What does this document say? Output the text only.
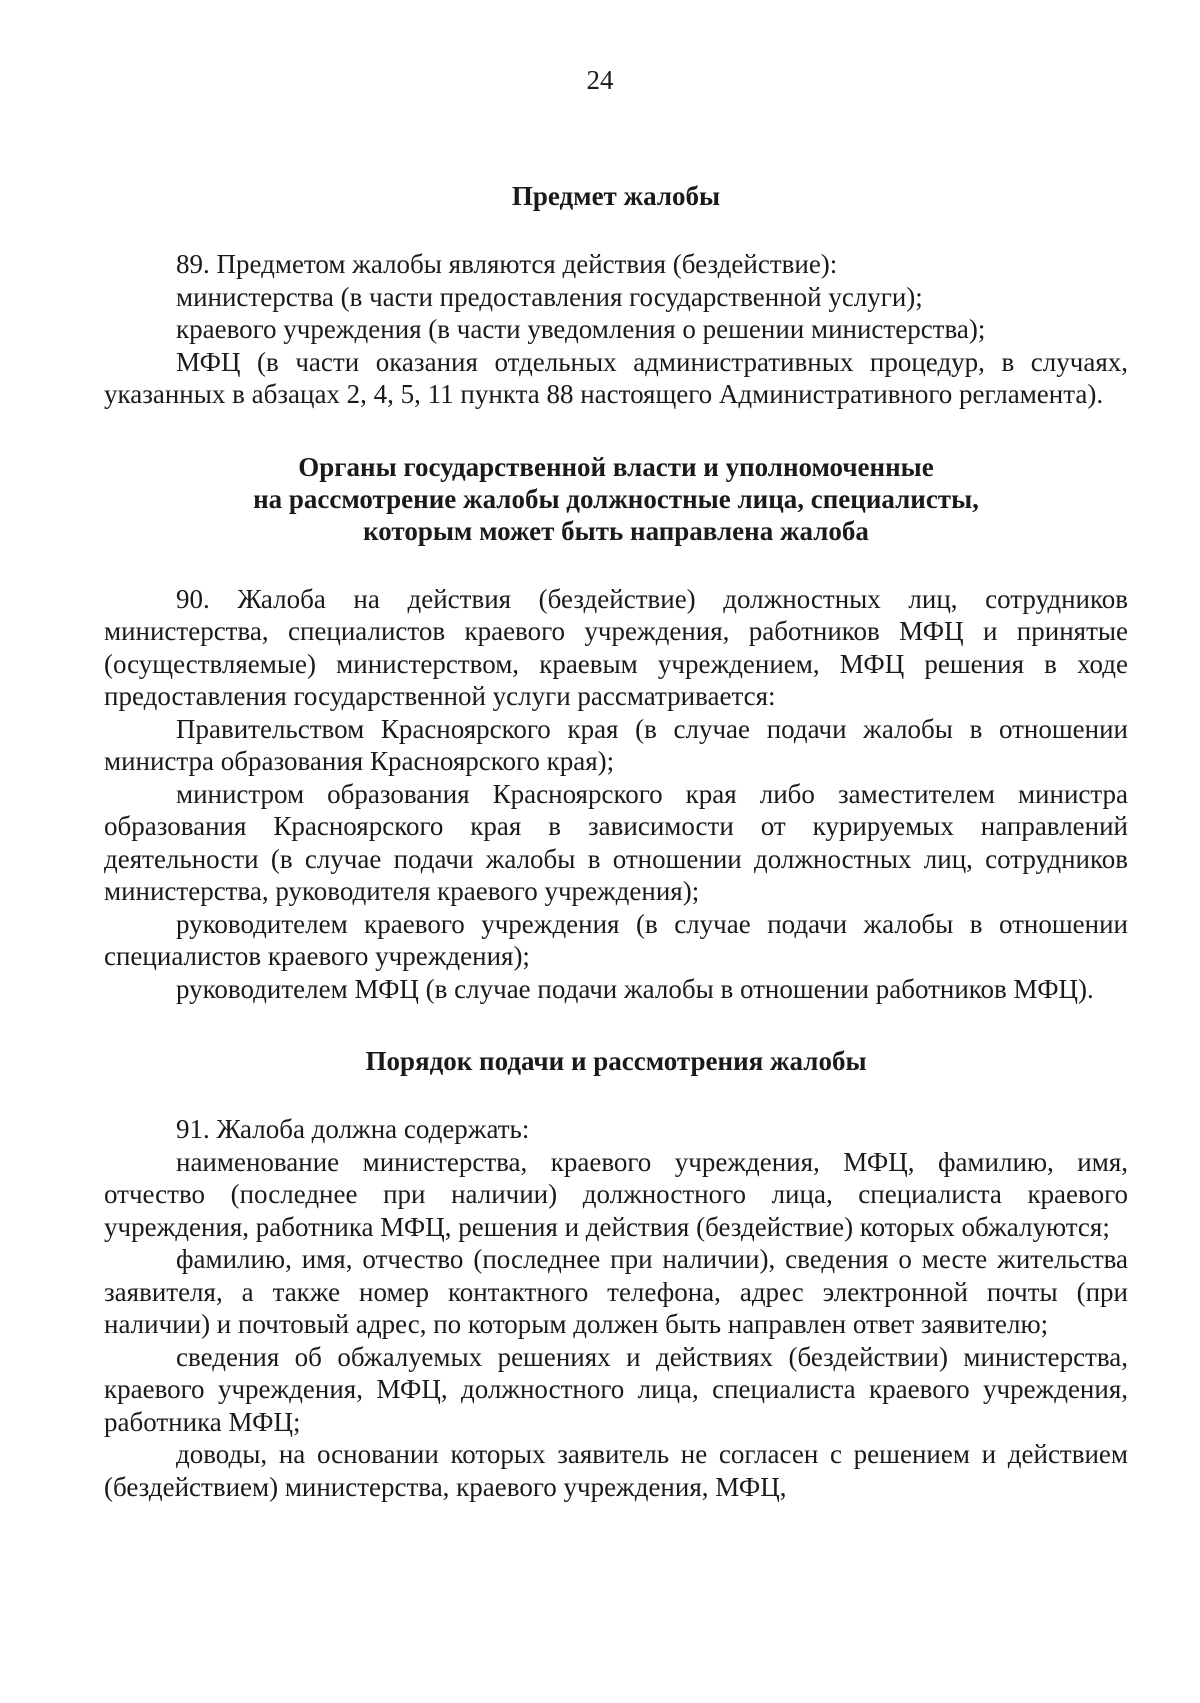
24
Предмет жалобы

89. Предметом жалобы являются действия (бездействие):

министерства (в части предоставления государственной услуги);

краевого учреждения (в части уведомления о решении министерства);

МФЦ (в части оказания отдельных административных процедур, в случаях, указанных в абзацах 2, 4, 5, 11 пункта 88 настоящего Административного регламента).

Органы государственной власти и уполномоченные
на рассмотрение жалобы должностные лица, специалисты,
которым может быть направлена жалоба

90. Жалоба на действия (бездействие) должностных лиц, сотрудников министерства, специалистов краевого учреждения, работников МФЦ и принятые (осуществляемые) министерством, краевым учреждением, МФЦ решения в ходе предоставления государственной услуги рассматривается:

Правительством Красноярского края (в случае подачи жалобы в отношении министра образования Красноярского края);

министром образования Красноярского края либо заместителем министра образования Красноярского края в зависимости от курируемых направлений деятельности (в случае подачи жалобы в отношении должностных лиц, сотрудников министерства, руководителя краевого учреждения);

руководителем краевого учреждения (в случае подачи жалобы в отношении специалистов краевого учреждения);

руководителем МФЦ (в случае подачи жалобы в отношении работников МФЦ).

Порядок подачи и рассмотрения жалобы

91. Жалоба должна содержать:

наименование министерства, краевого учреждения, МФЦ, фамилию, имя, отчество (последнее при наличии) должностного лица, специалиста краевого учреждения, работника МФЦ, решения и действия (бездействие) которых обжалуются;

фамилию, имя, отчество (последнее при наличии), сведения о месте жительства заявителя, а также номер контактного телефона, адрес электронной почты (при наличии) и почтовый адрес, по которым должен быть направлен ответ заявителю;

сведения об обжалуемых решениях и действиях (бездействии) министерства, краевого учреждения, МФЦ, должностного лица, специалиста краевого учреждения, работника МФЦ;

доводы, на основании которых заявитель не согласен с решением и действием (бездействием) министерства, краевого учреждения, МФЦ,
